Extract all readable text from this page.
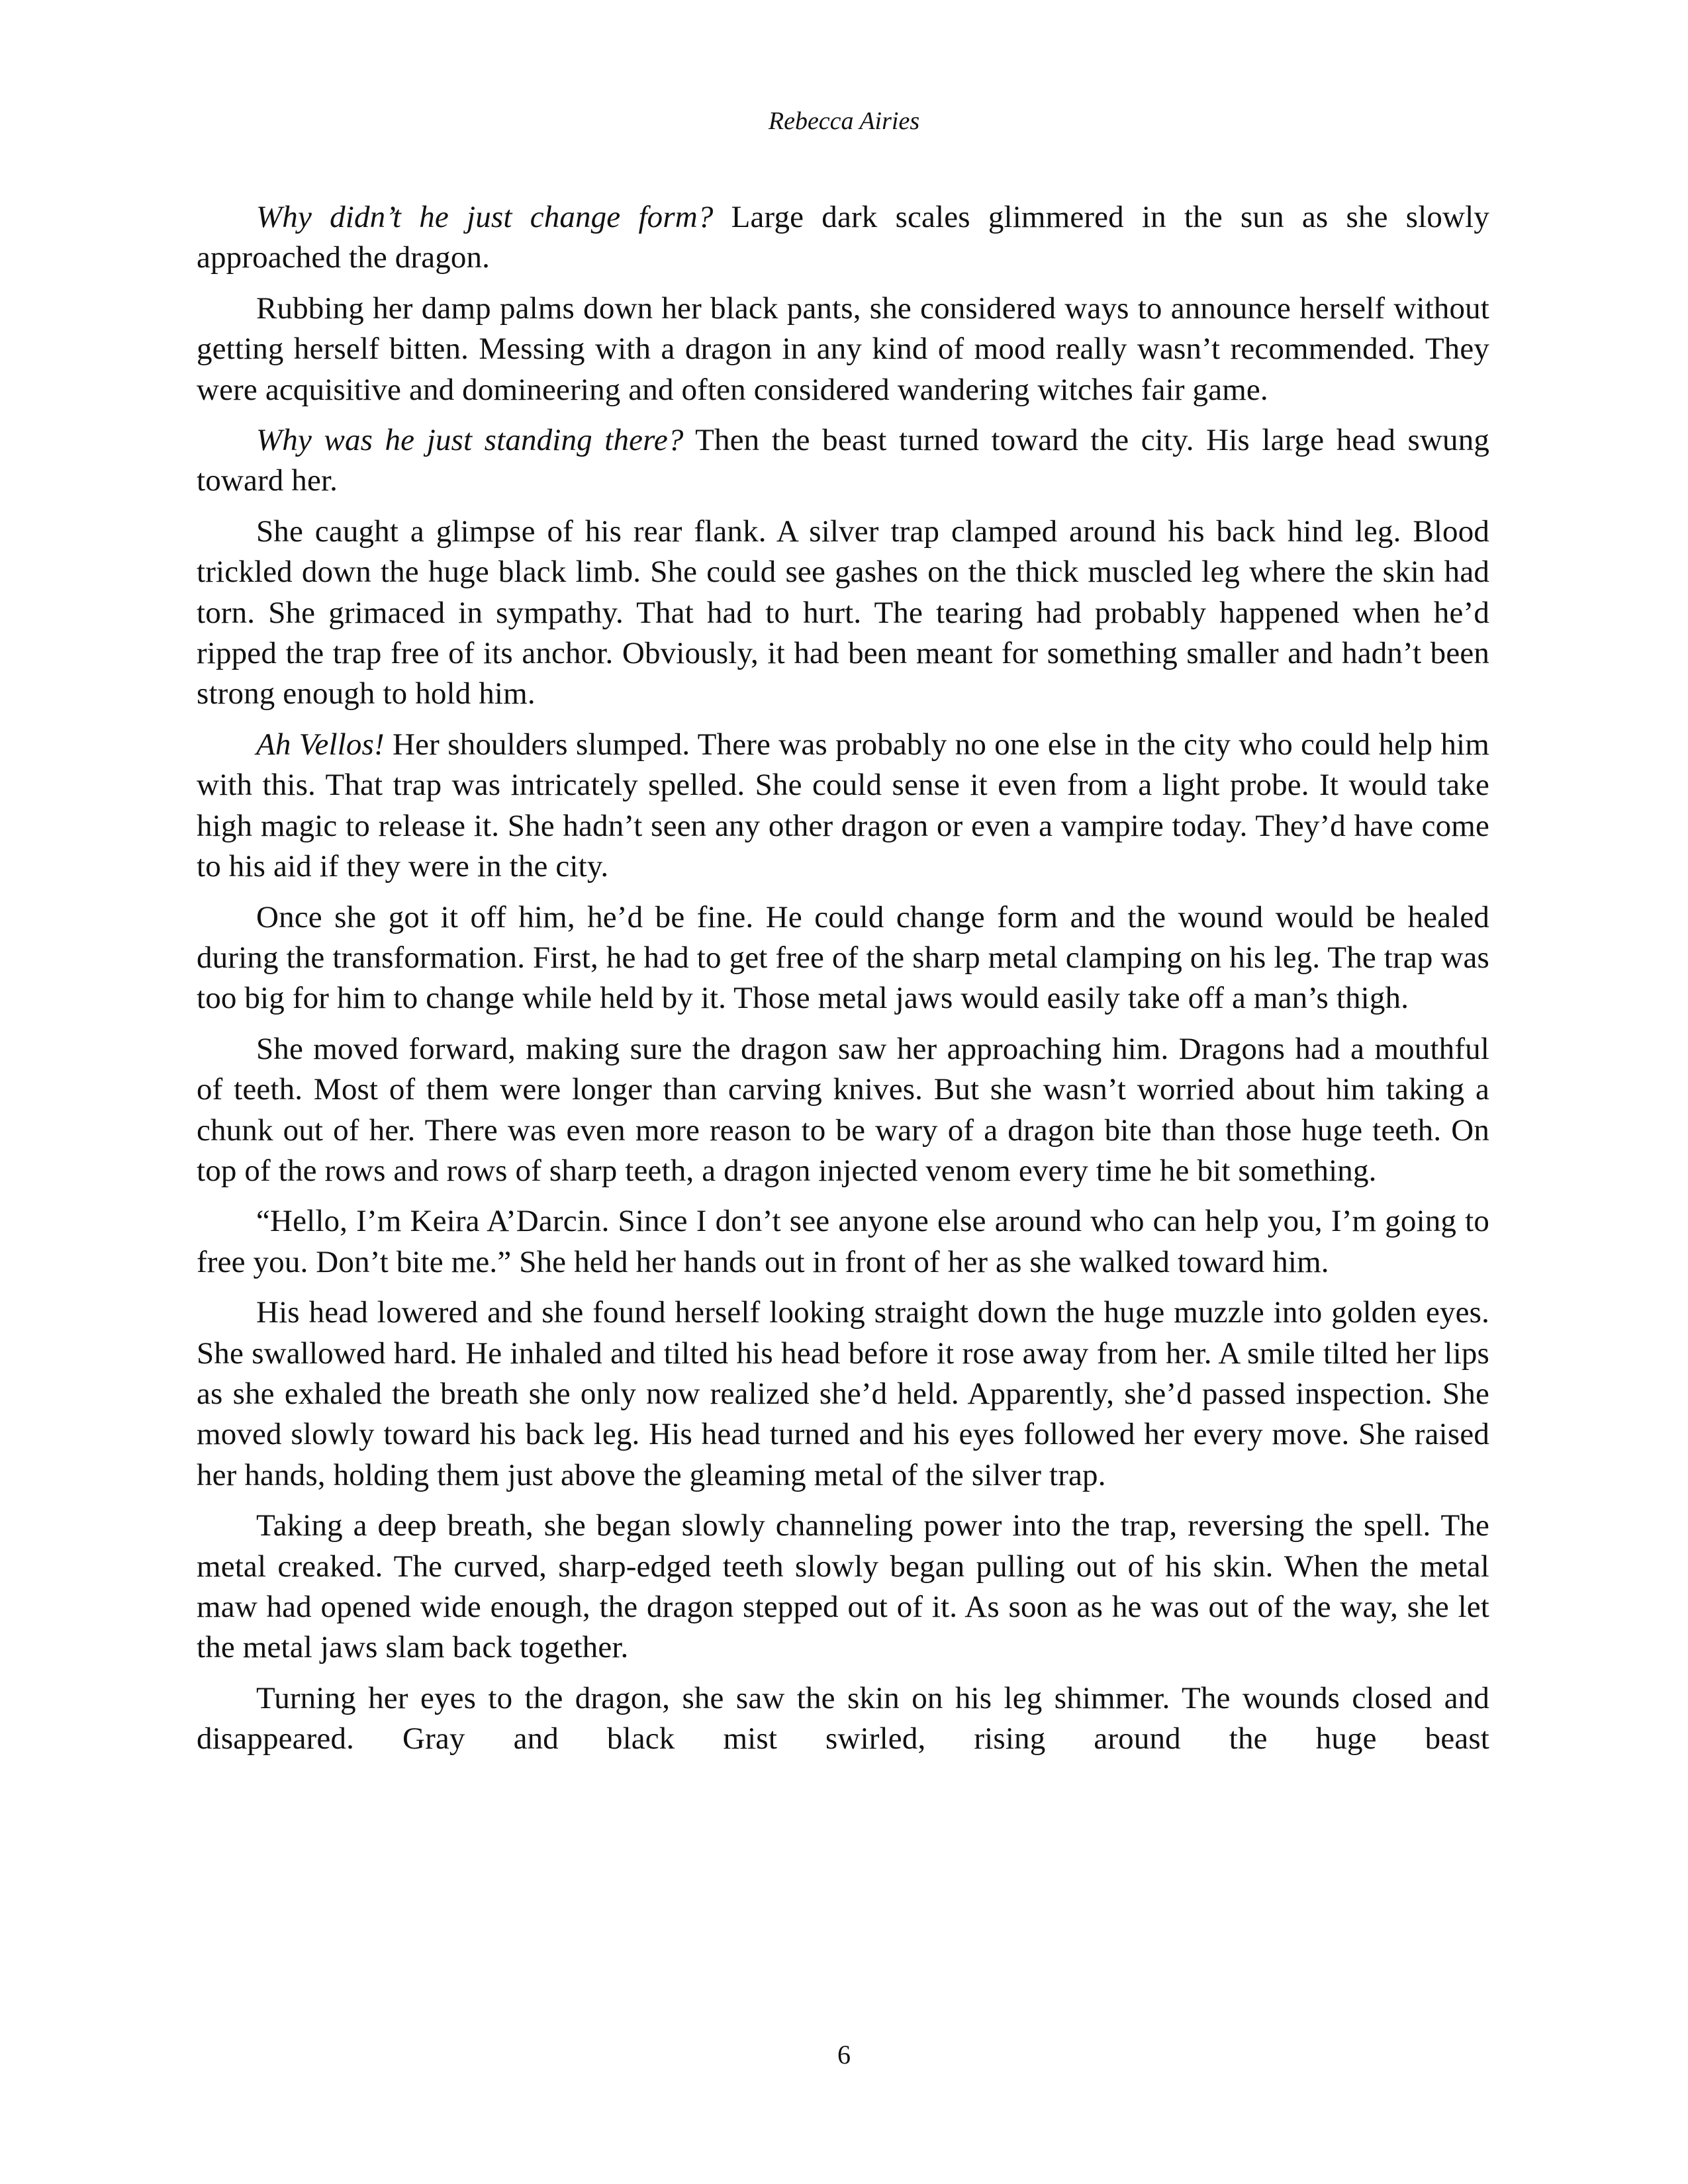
Rebecca Airies

Why didn’t he just change form? Large dark scales glimmered in the sun as she slowly approached the dragon.

Rubbing her damp palms down her black pants, she considered ways to announce herself without getting herself bitten. Messing with a dragon in any kind of mood really wasn’t recommended. They were acquisitive and domineering and often considered wandering witches fair game.

Why was he just standing there? Then the beast turned toward the city. His large head swung toward her.

She caught a glimpse of his rear flank. A silver trap clamped around his back hind leg. Blood trickled down the huge black limb. She could see gashes on the thick muscled leg where the skin had torn. She grimaced in sympathy. That had to hurt. The tearing had probably happened when he’d ripped the trap free of its anchor. Obviously, it had been meant for something smaller and hadn’t been strong enough to hold him.

Ah Vellos! Her shoulders slumped. There was probably no one else in the city who could help him with this. That trap was intricately spelled. She could sense it even from a light probe. It would take high magic to release it. She hadn’t seen any other dragon or even a vampire today. They’d have come to his aid if they were in the city.

Once she got it off him, he’d be fine. He could change form and the wound would be healed during the transformation. First, he had to get free of the sharp metal clamping on his leg. The trap was too big for him to change while held by it. Those metal jaws would easily take off a man’s thigh.

She moved forward, making sure the dragon saw her approaching him. Dragons had a mouthful of teeth. Most of them were longer than carving knives. But she wasn’t worried about him taking a chunk out of her. There was even more reason to be wary of a dragon bite than those huge teeth. On top of the rows and rows of sharp teeth, a dragon injected venom every time he bit something.

“Hello, I’m Keira A’Darcin. Since I don’t see anyone else around who can help you, I’m going to free you. Don’t bite me.” She held her hands out in front of her as she walked toward him.

His head lowered and she found herself looking straight down the huge muzzle into golden eyes. She swallowed hard. He inhaled and tilted his head before it rose away from her. A smile tilted her lips as she exhaled the breath she only now realized she’d held. Apparently, she’d passed inspection. She moved slowly toward his back leg. His head turned and his eyes followed her every move. She raised her hands, holding them just above the gleaming metal of the silver trap.

Taking a deep breath, she began slowly channeling power into the trap, reversing the spell. The metal creaked. The curved, sharp-edged teeth slowly began pulling out of his skin. When the metal maw had opened wide enough, the dragon stepped out of it. As soon as he was out of the way, she let the metal jaws slam back together.

Turning her eyes to the dragon, she saw the skin on his leg shimmer. The wounds closed and disappeared. Gray and black mist swirled, rising around the huge beast

6
